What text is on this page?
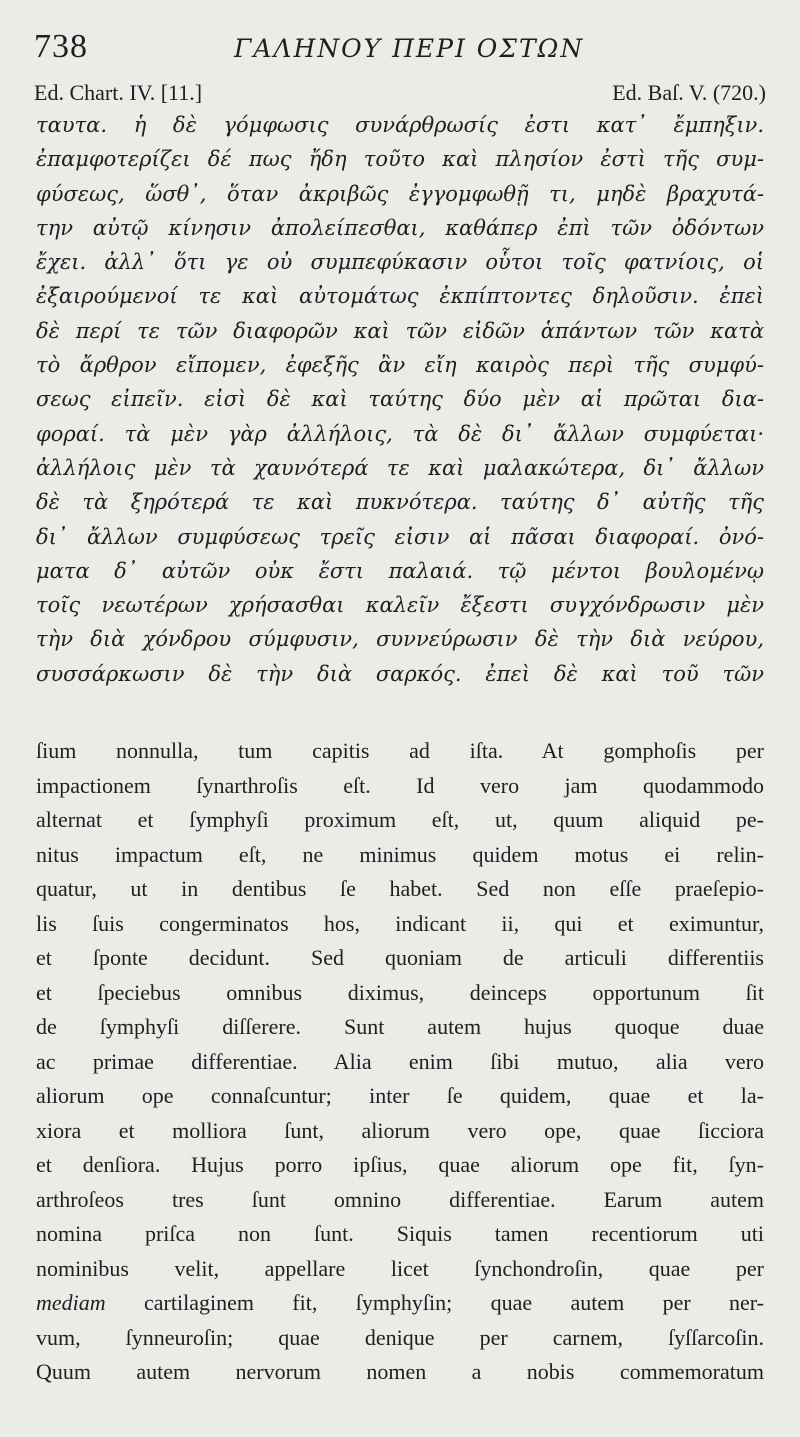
738	ΓΑΛΗΝΟΥ ΠΕΡΙ ΟΣΤΩΝ
Ed. Chart. IV. [11.]	Ed. Baſ. V. (720.)
ταυτα. ἡ δὲ γόμφωσις συνάρθρωσίς ἐστι κατ᾽ ἔμπηξιν.
ἐπαμφοτερίζει δέ πως ἤδη τοῦτο καὶ πλησίον ἐστὶ τῆς συμ-
φύσεως, ὥσθ᾽, ὅταν ἀκριβῶς ἐγγομφωθῇ τι, μηδὲ βραχυτά-
την αὐτῷ κίνησιν ἀπολείπεσθαι, καθάπερ ἐπὶ τῶν ὀδόντων
ἔχει. ἀλλ᾽ ὅτι γε οὐ συμπεφύκασιν οὗτοι τοῖς φατνίοις, οἱ
ἐξαιρούμενοί τε καὶ αὐτομάτως ἐκπίπτοντες δηλοῦσιν. ἐπεὶ
δὲ περί τε τῶν διαφορῶν καὶ τῶν εἰδῶν ἁπάντων τῶν κατὰ
τὸ ἄρθρον εἴπομεν, ἐφεξῆς ἂν εἴη καιρὸς περὶ τῆς συμφύ-
σεως εἰπεῖν. εἰσὶ δὲ καὶ ταύτης δύο μὲν αἱ πρῶται δια-
φοραί. τὰ μὲν γὰρ ἀλλήλοις, τὰ δὲ δι᾽ ἄλλων συμφύεται·
ἀλλήλοις μὲν τὰ χαυνότερά τε καὶ μαλακώτερα, δι᾽ ἄλλων
δὲ τὰ ξηρότερά τε καὶ πυκνότερα. ταύτης δ᾽ αὐτῆς τῆς
δι᾽ ἄλλων συμφύσεως τρεῖς εἰσιν αἱ πᾶσαι διαφοραί. ὀνό-
ματα δ᾽ αὐτῶν οὐκ ἔστι παλαιά. τῷ μέντοι βουλομένῳ
τοῖς νεωτέρων χρήσασθαι καλεῖν ἔξεστι συγχόνδρωσιν μὲν
τὴν διὰ χόνδρου σύμφυσιν, συννεύρωσιν δὲ τὴν διὰ νεύρου,
συσσάρκωσιν δὲ τὴν διὰ σαρκός. ἐπεὶ δὲ καὶ τοῦ τῶν
ſium nonnulla, tum capitis ad iſta. At gomphoſis per
impactionem ſynarthroſis eſt. Id vero jam quodammodo
alternat et ſymphyſi proximum eſt, ut, quum aliquid pe-
nitus impactum eſt, ne minimus quidem motus ei relin-
quatur, ut in dentibus ſe habet. Sed non eſſe praeſepio-
lis ſuis congerminatos hos, indicant ii, qui et eximuntur,
et ſponte decidunt. Sed quoniam de articuli differentiis
et ſpeciebus omnibus diximus, deinceps opportunum ſit
de ſymphyſi diſſerere. Sunt autem hujus quoque duae
ac primae differentiae. Alia enim ſibi mutuo, alia vero
aliorum ope connaſcuntur; inter ſe quidem, quae et la-
xiora et molliora ſunt, aliorum vero ope, quae ſicciora
et denſiora. Hujus porro ipſius, quae aliorum ope fit, ſyn-
arthroſeos tres ſunt omnino differentiae. Earum autem
nomina priſca non ſunt. Siquis tamen recentiorum uti
nominibus velit, appellare licet ſynchondroſin, quae per
mediam cartilaginem fit, ſymphyſin; quae autem per ner-
vum, ſynneuroſin; quae denique per carnem, ſyſſarcoſin.
Quum autem nervorum nomen a nobis commemoratum
